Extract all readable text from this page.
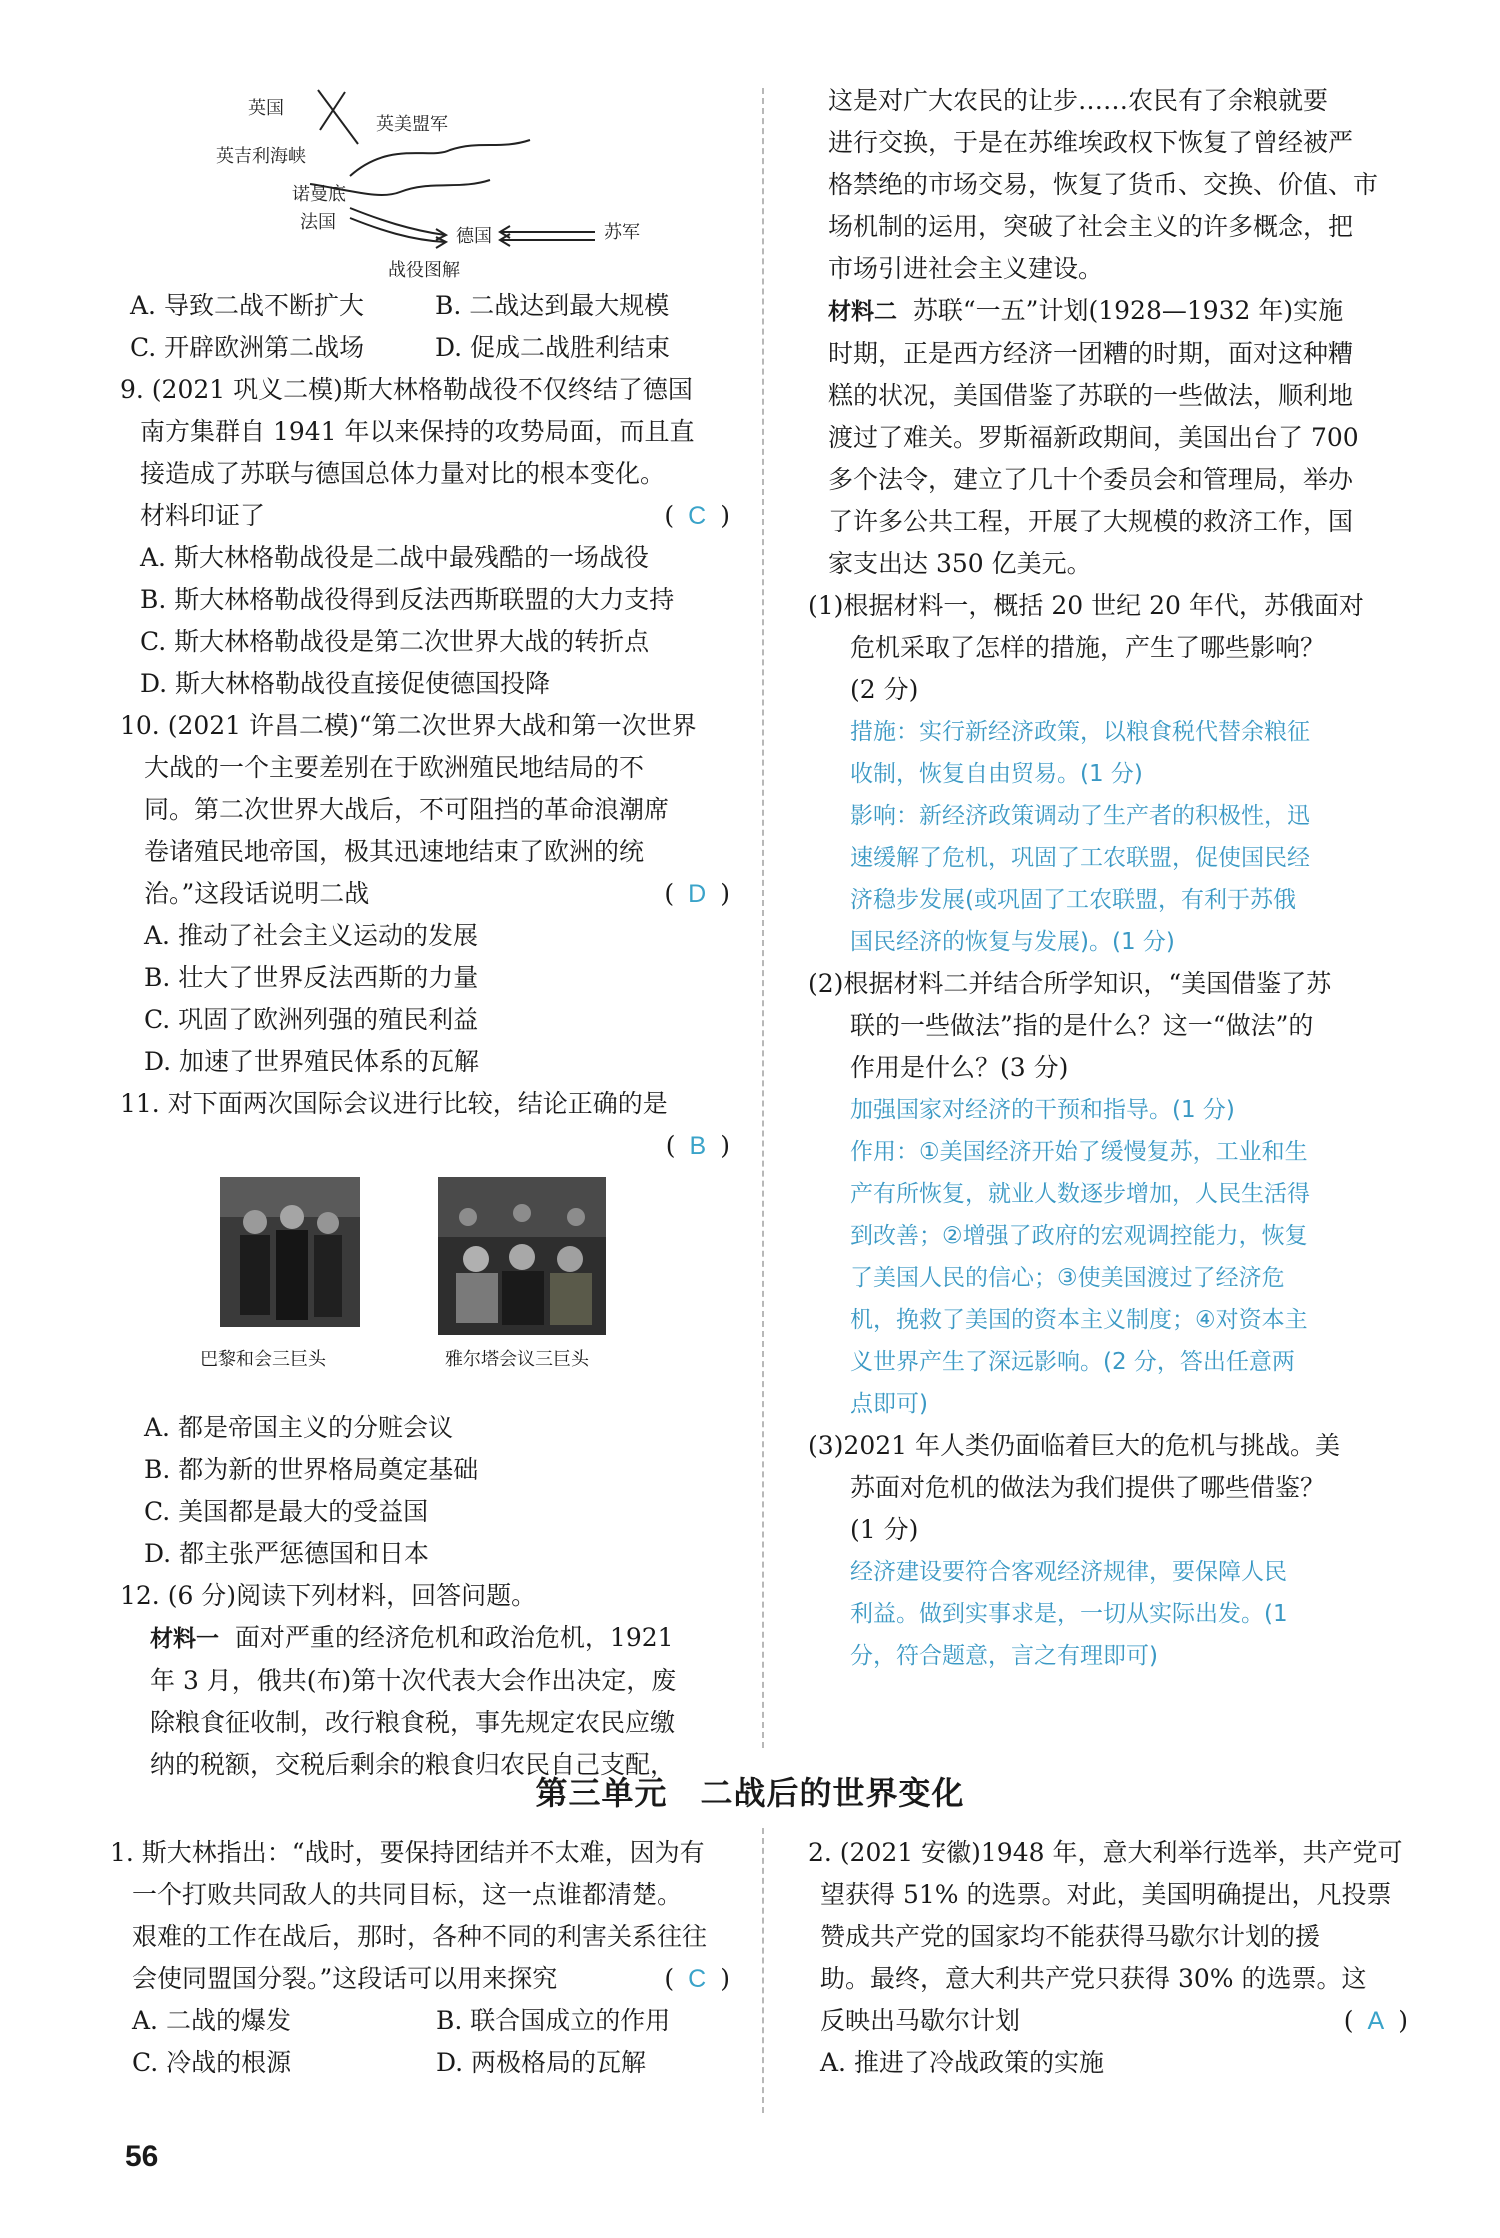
英国
英美盟军
英吉利海峡
诺曼底
法国
德国	苏军
战役图解
A. 导致二战不断扩大	B. 二战达到最大规模
C. 开辟欧洲第二战场	D. 促成二战胜利结束
9. (2021 巩义二模)斯大林格勒战役不仅终结了德国
南方集群自 1941 年以来保持的攻势局面，而且直
接造成了苏联与德国总体力量对比的根本变化。
材料印证了	( C )
A. 斯大林格勒战役是二战中最残酷的一场战役
B. 斯大林格勒战役得到反法西斯联盟的大力支持
C. 斯大林格勒战役是第二次世界大战的转折点
D. 斯大林格勒战役直接促使德国投降
10. (2021 许昌二模)“第二次世界大战和第一次世界
大战的一个主要差别在于欧洲殖民地结局的不
同。第二次世界大战后，不可阻挡的革命浪潮席
卷诸殖民地帝国，极其迅速地结束了欧洲的统
治。”这段话说明二战	( D )
A. 推动了社会主义运动的发展
B. 壮大了世界反法西斯的力量
C. 巩固了欧洲列强的殖民利益
D. 加速了世界殖民体系的瓦解
11. 对下面两次国际会议进行比较，结论正确的是

( B )
巴黎和会三巨头	雅尔塔会议三巨头
A. 都是帝国主义的分赃会议
B. 都为新的世界格局奠定基础
C. 美国都是最大的受益国
D. 都主张严惩德国和日本
12. (6 分)阅读下列材料，回答问题。
材料一 面对严重的经济危机和政治危机，1921
年 3 月，俄共(布)第十次代表大会作出决定，废
除粮食征收制，改行粮食税，事先规定农民应缴
纳的税额，交税后剩余的粮食归农民自己支配，
这是对广大农民的让步……农民有了余粮就要
进行交换，于是在苏维埃政权下恢复了曾经被严
格禁绝的市场交易，恢复了货币、交换、价值、市
场机制的运用，突破了社会主义的许多概念，把
市场引进社会主义建设。
材料二 苏联“一五”计划(1928—1932 年)实施
时期，正是西方经济一团糟的时期，面对这种糟
糕的状况，美国借鉴了苏联的一些做法，顺利地
渡过了难关。罗斯福新政期间，美国出台了 700
多个法令，建立了几十个委员会和管理局，举办
了许多公共工程，开展了大规模的救济工作，国
家支出达 350 亿美元。
(1)根据材料一，概括 20 世纪 20 年代，苏俄面对
危机采取了怎样的措施，产生了哪些影响？
(2 分)
措施：实行新经济政策，以粮食税代替余粮征
收制，恢复自由贸易。(1 分)
影响：新经济政策调动了生产者的积极性，迅
速缓解了危机，巩固了工农联盟，促使国民经
济稳步发展(或巩固了工农联盟，有利于苏俄
国民经济的恢复与发展)。(1 分)
(2)根据材料二并结合所学知识，“美国借鉴了苏
联的一些做法”指的是什么？这一“做法”的
作用是什么？(3 分)
加强国家对经济的干预和指导。(1 分)
作用：①美国经济开始了缓慢复苏，工业和生
产有所恢复，就业人数逐步增加，人民生活得
到改善；②增强了政府的宏观调控能力，恢复
了美国人民的信心；③使美国渡过了经济危
机，挽救了美国的资本主义制度；④对资本主
义世界产生了深远影响。(2 分，答出任意两
点即可)
(3)2021 年人类仍面临着巨大的危机与挑战。美
苏面对危机的做法为我们提供了哪些借鉴？
(1 分)
经济建设要符合客观经济规律，要保障人民
利益。做到实事求是，一切从实际出发。(1
分，符合题意，言之有理即可)
第三单元　二战后的世界变化
1. 斯大林指出：“战时，要保持团结并不太难，因为有
一个打败共同敌人的共同目标，这一点谁都清楚。
艰难的工作在战后，那时，各种不同的利害关系往往
会使同盟国分裂。”这段话可以用来探究	( C )
A. 二战的爆发	B. 联合国成立的作用
C. 冷战的根源	D. 两极格局的瓦解
2. (2021 安徽)1948 年，意大利举行选举，共产党可
望获得 51% 的选票。对此，美国明确提出，凡投票
赞成共产党的国家均不能获得马歇尔计划的援
助。最终，意大利共产党只获得 30% 的选票。这
反映出马歇尔计划	( A )
A. 推进了冷战政策的实施
56
